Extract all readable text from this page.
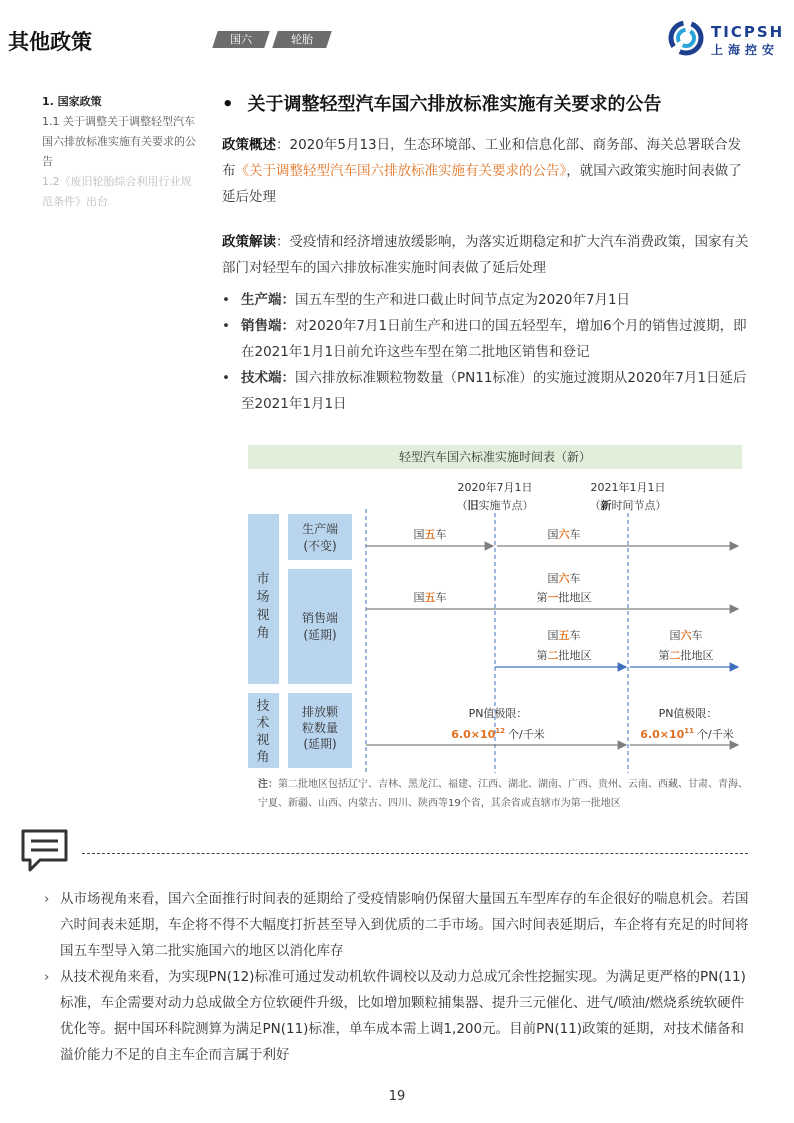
其他政策	国六	轮胎	TICPSH
上海控安
1. 国家政策
1.1 关于调整关于调整轻型汽车国六排放标准实施有关要求的公告
1.2《废旧轮胎综合利用行业规范条件》出台
• 关于调整轻型汽车国六排放标准实施有关要求的公告
政策概述：2020年5月13日，生态环境部、工业和信息化部、商务部、海关总署联合发布《关于调整轻型汽车国六排放标准实施有关要求的公告》，就国六政策实施时间表做了延后处理
政策解读：受疫情和经济增速放缓影响，为落实近期稳定和扩大汽车消费政策，国家有关部门对轻型车的国六排放标准实施时间表做了延后处理
• 生产端：国五车型的生产和进口截止时间节点定为2020年7月1日
• 销售端：对2020年7月1日前生产和进口的国五轻型车，增加6个月的销售过渡期，即在2021年1月1日前允许这些车型在第二批地区销售和登记
• 技术端：国六排放标准颗粒物数量（PN11标准）的实施过渡期从2020年7月1日延后至2021年1月1日
轻型汽车国六标准实施时间表（新）
2020年7月1日
（旧实施节点）
2021年1月1日
（新时间节点）
市场视角
技术视角
生产端(不变)
销售端(延期)
排放颗粒数量(延期)
国五车	国六车
国五车
国六车
第一批地区
国五车
第二批地区
国六车
第二批地区
PN值极限：
$6.0\times 10^{12}$ 个/千米
PN值极限：
$6.0\times 10^{11}$ 个/千米
注：第二批地区包括辽宁、吉林、黑龙江、福建、江西、湖北、湖南、广西、贵州、云南、西藏、甘肃、青海、宁夏、新疆、山西、内蒙古、四川、陕西等19个省，其余省或直辖市为第一批地区
› 从市场视角来看，国六全面推行时间表的延期给了受疫情影响仍保留大量国五车型库存的车企很好的喘息机会。若国六时间表未延期，车企将不得不大幅度打折甚至导入到优质的二手市场。国六时间表延期后，车企将有充足的时间将国五车型导入第二批实施国六的地区以消化库存
› 从技术视角来看，为实现PN(12)标准可通过发动机软件调校以及动力总成冗余性挖掘实现。为满足更严格的PN(11)标准，车企需要对动力总成做全方位软硬件升级，比如增加颗粒捕集器、提升三元催化、进气/喷油/燃烧系统软硬件优化等。据中国环科院测算为满足PN(11)标准，单车成本需上调1,200元。目前PN(11)政策的延期，对技术储备和溢价能力不足的自主车企而言属于利好
19
